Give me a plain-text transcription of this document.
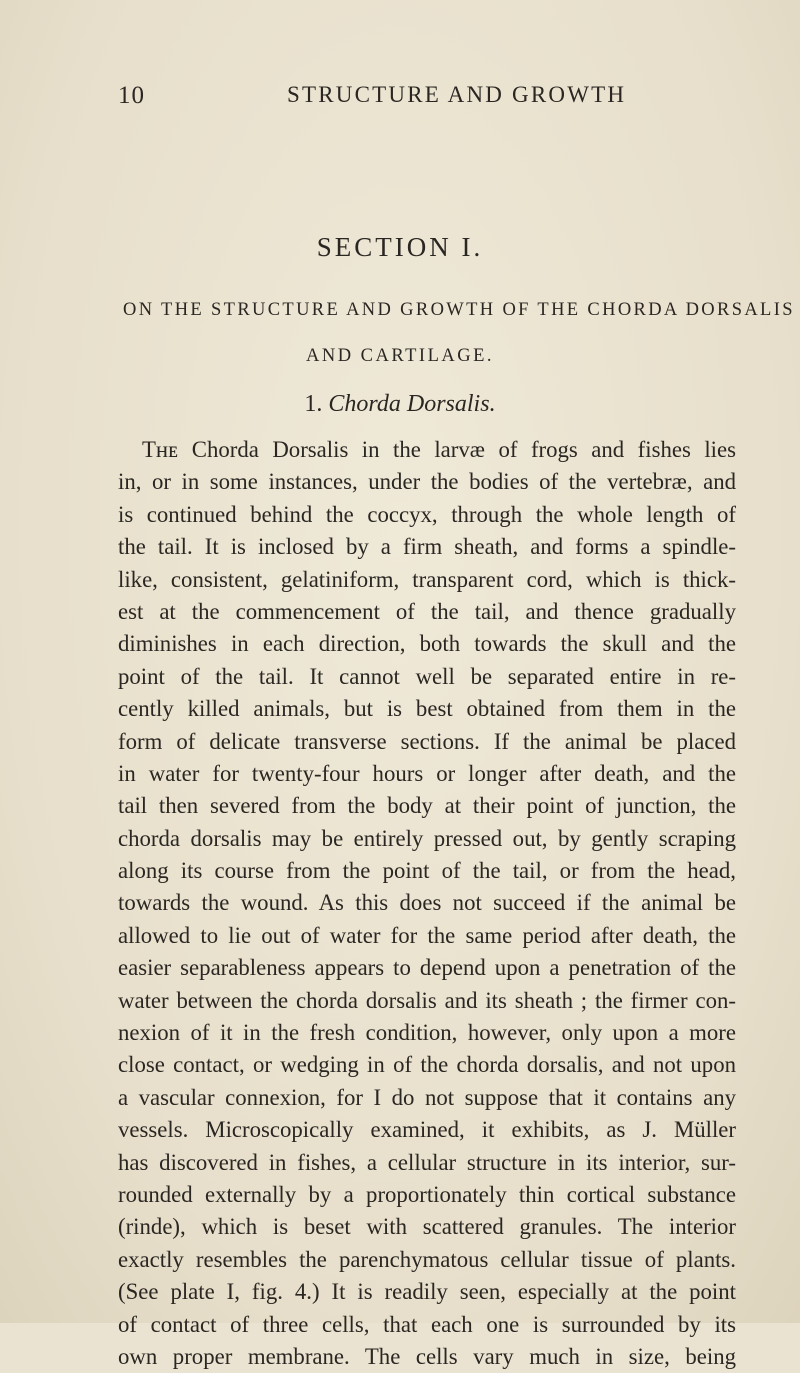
10	STRUCTURE AND GROWTH
SECTION I.
ON THE STRUCTURE AND GROWTH OF THE CHORDA DORSALIS
AND CARTILAGE.
1. Chorda Dorsalis.
Tʜᴇ Chorda Dorsalis in the larvæ of frogs and fishes lies
in, or in some instances, under the bodies of the vertebræ, and
is continued behind the coccyx, through the whole length of
the tail. It is inclosed by a firm sheath, and forms a spindle-
like, consistent, gelatiniform, transparent cord, which is thick-
est at the commencement of the tail, and thence gradually
diminishes in each direction, both towards the skull and the
point of the tail. It cannot well be separated entire in re-
cently killed animals, but is best obtained from them in the
form of delicate transverse sections. If the animal be placed
in water for twenty-four hours or longer after death, and the
tail then severed from the body at their point of junction, the
chorda dorsalis may be entirely pressed out, by gently scraping
along its course from the point of the tail, or from the head,
towards the wound. As this does not succeed if the animal be
allowed to lie out of water for the same period after death, the
easier separableness appears to depend upon a penetration of the
water between the chorda dorsalis and its sheath ; the firmer con-
nexion of it in the fresh condition, however, only upon a more
close contact, or wedging in of the chorda dorsalis, and not upon
a vascular connexion, for I do not suppose that it contains any
vessels. Microscopically examined, it exhibits, as J. Müller
has discovered in fishes, a cellular structure in its interior, sur-
rounded externally by a proportionately thin cortical substance
(rinde), which is beset with scattered granules. The interior
exactly resembles the parenchymatous cellular tissue of plants.
(See plate I, fig. 4.) It is readily seen, especially at the point
of contact of three cells, that each one is surrounded by its
own proper membrane. The cells vary much in size, being
